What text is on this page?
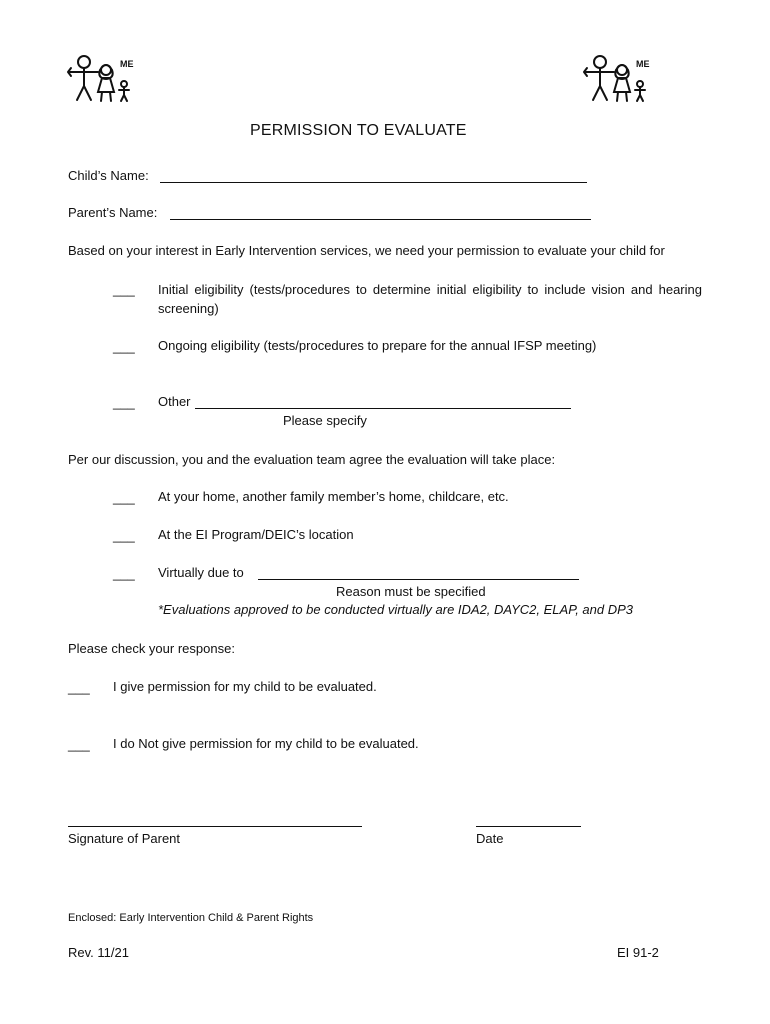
ME	ME
PERMISSION TO EVALUATE
Child’s Name:
Parent’s Name:
Based on your interest in Early Intervention services, we need your permission to evaluate your child for
___ Initial eligibility (tests/procedures to determine initial eligibility to include vision and hearing screening)
___ Ongoing eligibility (tests/procedures to prepare for the annual IFSP meeting)
___ Other
Please specify
Per our discussion, you and the evaluation team agree the evaluation will take place:
___ At your home, another family member’s home, childcare, etc.
___ At the EI Program/DEIC’s location
___ Virtually due to
Reason must be specified
*Evaluations approved to be conducted virtually are IDA2, DAYC2, ELAP, and DP3
Please check your response:
___ I give permission for my child to be evaluated.
___ I do Not give permission for my child to be evaluated.
Signature of Parent	Date
Enclosed: Early Intervention Child & Parent Rights
Rev. 11/21	EI 91-2
